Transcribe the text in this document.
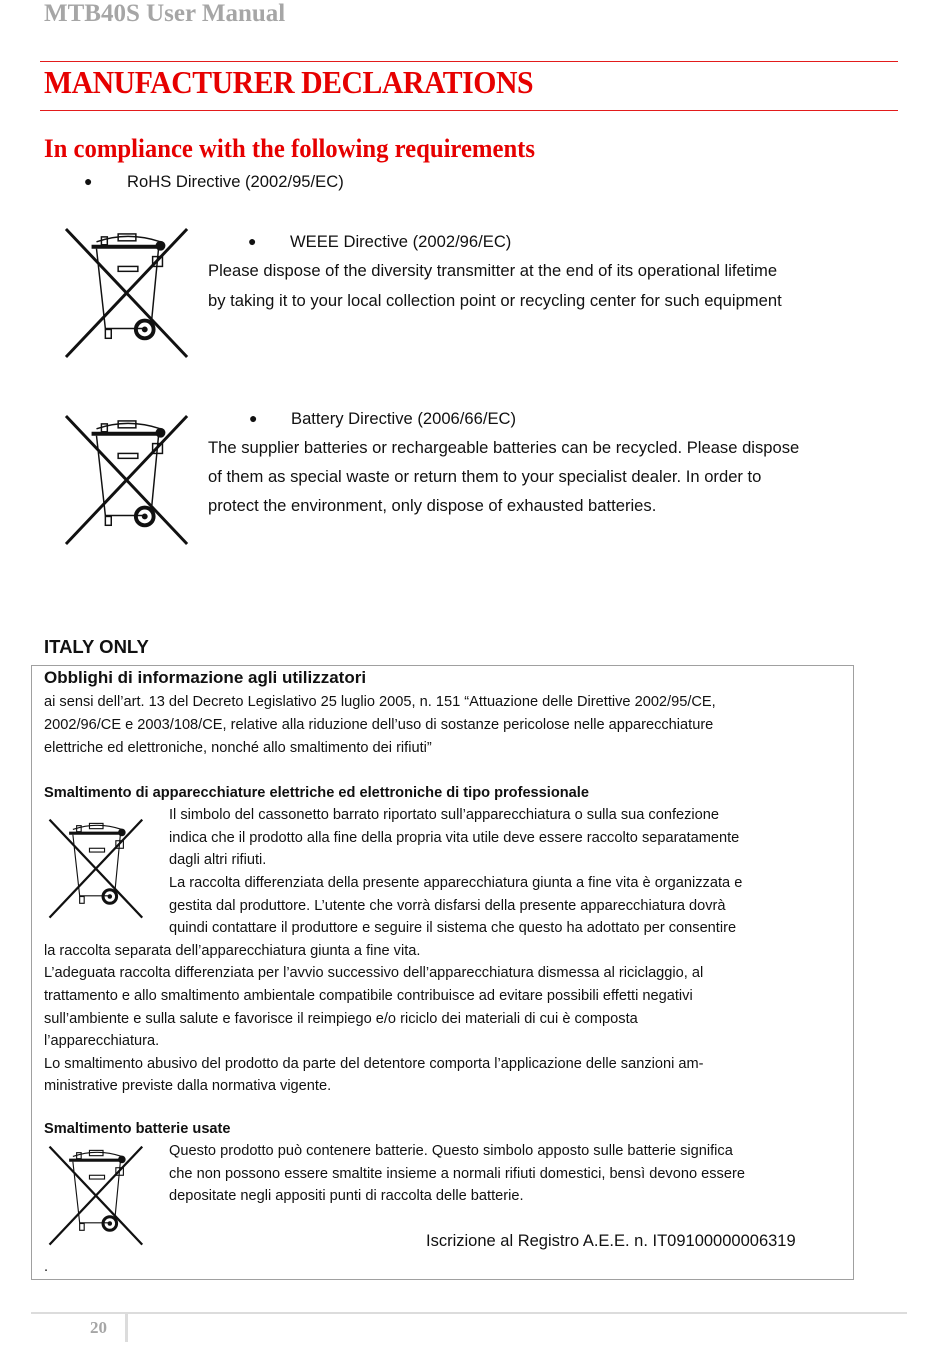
MTB40S User Manual
MANUFACTURER DECLARATIONS
In compliance with the following requirements
● RoHS Directive (2002/95/EC)
● WEEE Directive (2002/96/EC)
Please dispose of the diversity transmitter at the end of its operational lifetime
by taking it to your local collection point or recycling center for such equipment
● Battery Directive (2006/66/EC)
The supplier batteries or rechargeable batteries can be recycled. Please dispose
of them as special waste or return them to your specialist dealer. In order to
protect the environment, only dispose of exhausted batteries.
ITALY ONLY
Obblighi di informazione agli utilizzatori
ai sensi dell’art. 13 del Decreto Legislativo 25 luglio 2005, n. 151 “Attuazione delle Direttive 2002/95/CE,
2002/96/CE e 2003/108/CE, relative alla riduzione dell’uso di sostanze pericolose nelle apparecchiature
elettriche ed elettroniche, nonché allo smaltimento dei rifiuti”
Smaltimento di apparecchiature elettriche ed elettroniche di tipo professionale
Il simbolo del cassonetto barrato riportato sull’apparecchiatura o sulla sua confezione
indica che il prodotto alla fine della propria vita utile deve essere raccolto separatamente
dagli altri rifiuti.
La raccolta differenziata della presente apparecchiatura giunta a fine vita è organizzata e
gestita dal produttore. L’utente che vorrà disfarsi della presente apparecchiatura dovrà
quindi contattare il produttore e seguire il sistema che questo ha adottato per consentire
la raccolta separata dell’apparecchiatura giunta a fine vita.
L’adeguata raccolta differenziata per l’avvio successivo dell’apparecchiatura dismessa al riciclaggio, al
trattamento e allo smaltimento ambientale compatibile contribuisce ad evitare possibili effetti negativi
sull’ambiente e sulla salute e favorisce il reimpiego e/o riciclo dei materiali di cui è composta
l’apparecchiatura.
Lo smaltimento abusivo del prodotto da parte del detentore comporta l’applicazione delle sanzioni am-
ministrative previste dalla normativa vigente.
Smaltimento batterie usate
Questo prodotto può contenere batterie. Questo simbolo apposto sulle batterie significa
che non possono essere smaltite insieme a normali rifiuti domestici, bensì devono essere
depositate negli appositi punti di raccolta delle batterie.
Iscrizione al Registro A.E.E. n. IT09100000006319
.
20
